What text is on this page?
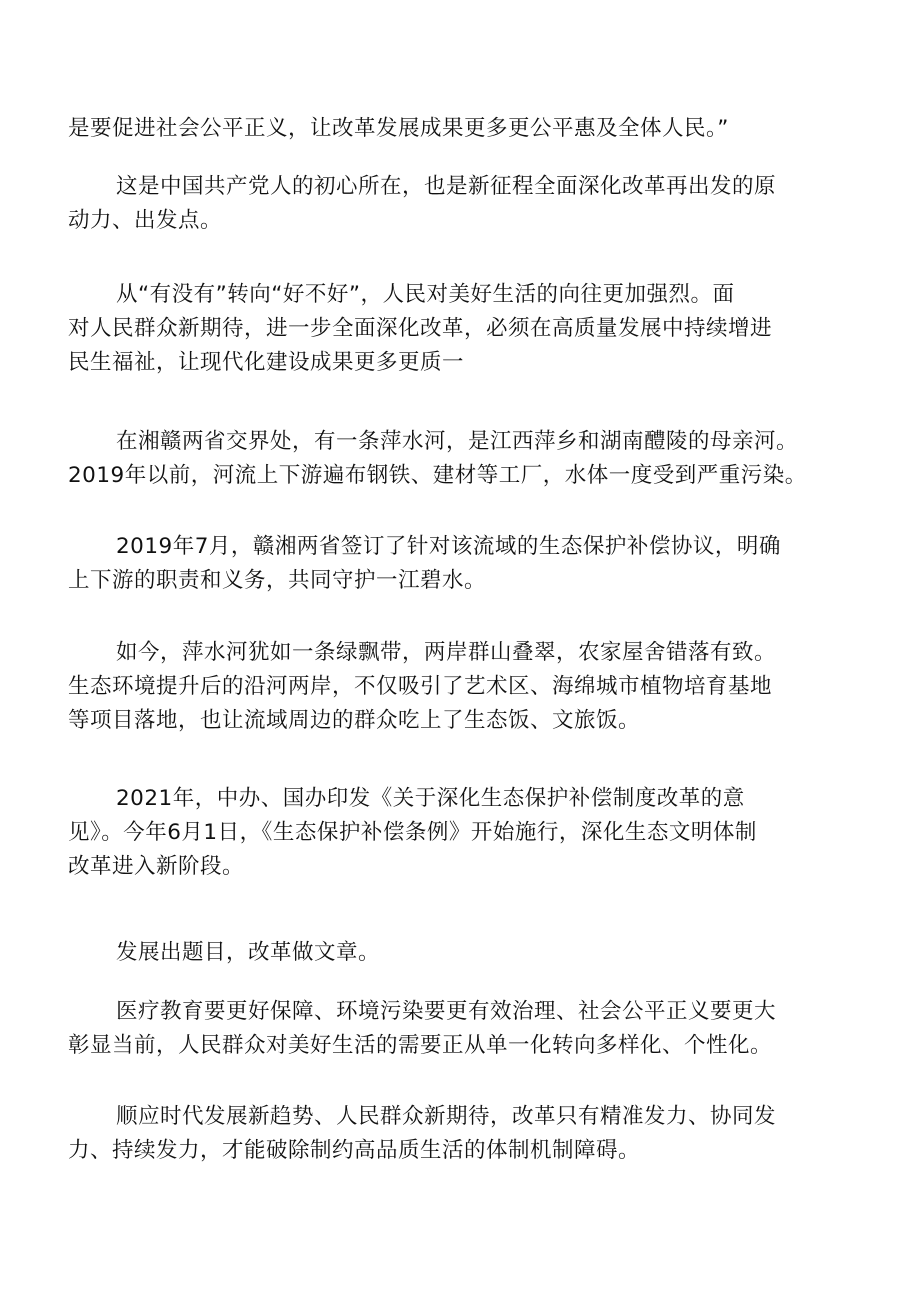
是要促进社会公平正义，让改革发展成果更多更公平惠及全体人民。”

这是中国共产党人的初心所在，也是新征程全面深化改革再出发的原
动力、出发点。

从“有没有”转向“好不好”，人民对美好生活的向往更加强烈。面
对人民群众新期待，进一步全面深化改革，必须在高质量发展中持续增进
民生福祉，让现代化建设成果更多更质一

在湘赣两省交界处，有一条萍水河，是江西萍乡和湖南醴陵的母亲河。
2019年以前，河流上下游遍布钢铁、建材等工厂，水体一度受到严重污染。

2019年7月，赣湘两省签订了针对该流域的生态保护补偿协议，明确
上下游的职责和义务，共同守护一江碧水。

如今，萍水河犹如一条绿飘带，两岸群山叠翠，农家屋舍错落有致。
生态环境提升后的沿河两岸，不仅吸引了艺术区、海绵城市植物培育基地
等项目落地，也让流域周边的群众吃上了生态饭、文旅饭。

2021年，中办、国办印发《关于深化生态保护补偿制度改革的意
见》。今年6月1日，《生态保护补偿条例》开始施行，深化生态文明体制
改革进入新阶段。

发展出题目，改革做文章。

医疗教育要更好保障、环境污染要更有效治理、社会公平正义要更大
彰显当前，人民群众对美好生活的需要正从单一化转向多样化、个性化。

顺应时代发展新趋势、人民群众新期待，改革只有精准发力、协同发
力、持续发力，才能破除制约高品质生活的体制机制障碍。
